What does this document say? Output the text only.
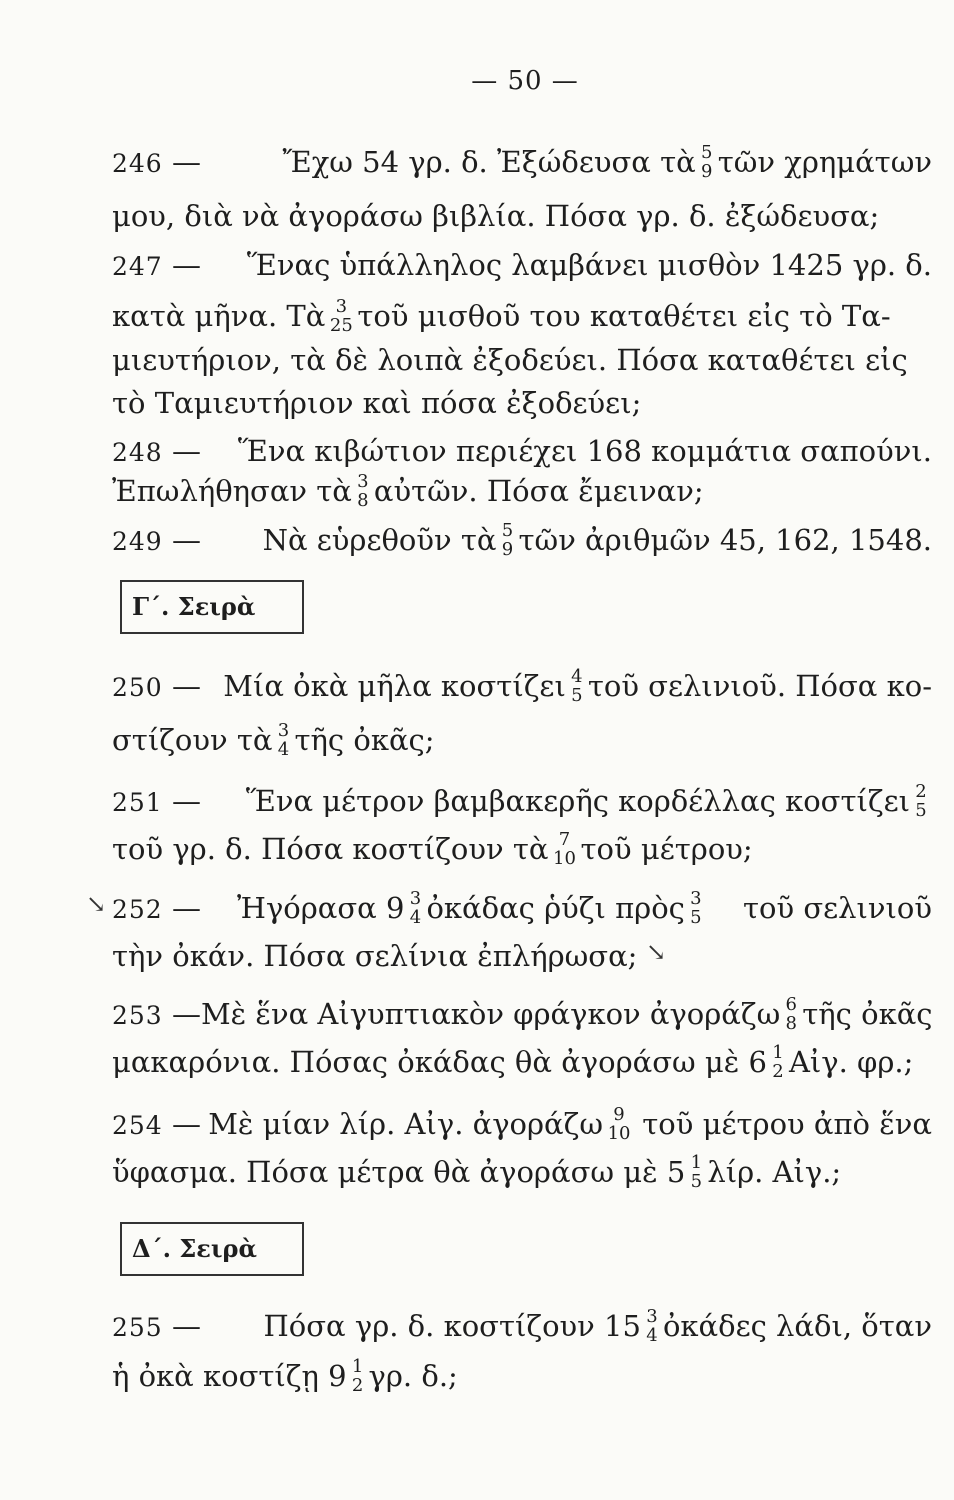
— 50 —
246 —	Ἔχω 54 γρ. δ. Ἐξώδευσα τὰ 5
9 τῶν χρημάτων
μου, διὰ νὰ ἀγοράσω βιβλία. Πόσα γρ. δ. ἐξώδευσα;
247 — Ἕνας ὑπάλληλος λαμβάνει μισθὸν 1425 γρ. δ.
κατὰ μῆνα. Τὰ 3
25 τοῦ μισθοῦ του καταθέτει εἰς τὸ Τα-
μιευτήριον, τὰ δὲ λοιπὰ ἐξοδεύει. Πόσα καταθέτει εἰς
τὸ Ταμιευτήριον καὶ πόσα ἐξοδεύει;
248 — Ἕνα κιβώτιον περιέχει 168 κομμάτια σαπούνι.
Ἐπωλήθησαν τὰ 3
8 αὐτῶν. Πόσα ἔμειναν;
249 — Νὰ εὑρεθοῦν τὰ 5
9 τῶν ἀριθμῶν 45, 162, 1548.
Γ΄. Σειρὰ
250 — Μία ὀκὰ μῆλα κοστίζει 4
5 τοῦ σελινιοῦ. Πόσα κο-
στίζουν τὰ 3
4 τῆς ὀκᾶς;
251 — Ἕνα μέτρον βαμβακερῆς κορδέλλας κοστίζει 2
5
τοῦ γρ. δ. Πόσα κοστίζουν τὰ 7
10 τοῦ μέτρου;
↘ 252 — Ἠγόρασα 9 3
4 ὀκάδας ῥύζι πρὸς 3
5 τοῦ σελινιοῦ
τὴν ὀκάν. Πόσα σελίνια ἐπλήρωσα; ↘
253 — Μὲ ἕνα Αἰγυπτιακὸν φράγκον ἀγοράζω 6
8 τῆς ὀκᾶς
μακαρόνια. Πόσας ὀκάδας θὰ ἀγοράσω μὲ 6 1
2 Αἰγ. φρ.;
254 — Μὲ μίαν λίρ. Αἰγ. ἀγοράζω 9
10 τοῦ μέτρου ἀπὸ ἕνα
ὕφασμα. Πόσα μέτρα θὰ ἀγοράσω μὲ 5 1
5 λίρ. Αἰγ.;
Δ΄. Σειρὰ
255 — Πόσα γρ. δ. κοστίζουν 15 3
4 ὀκάδες λάδι, ὅταν
ἡ ὀκὰ κοστίζῃ 9 1
2 γρ. δ.;
